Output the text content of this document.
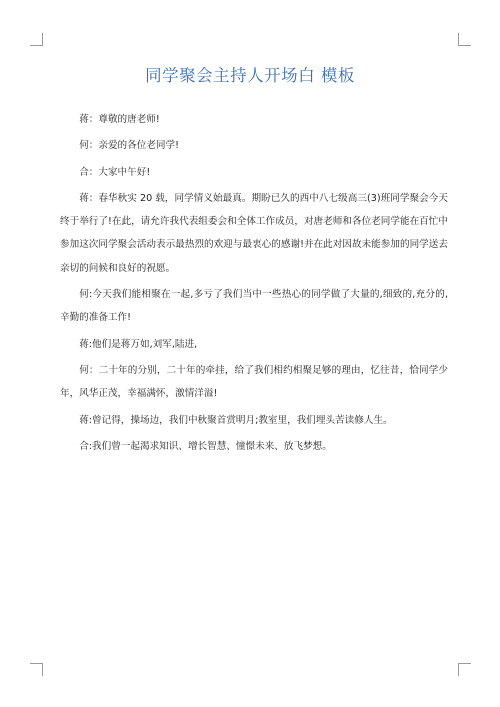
同学聚会主持人开场白 模板

蒋：尊敬的唐老师!

何：亲爱的各位老同学!

合：大家中午好!

蒋：春华秋实 20 载，同学情义始最真。期盼已久的西中八七级高三(3)班同学聚会今天终于举行了!在此，请允许我代表组委会和全体工作成员，对唐老师和各位老同学能在百忙中参加这次同学聚会活动表示最热烈的欢迎与最衷心的感谢!并在此对因故未能参加的同学送去亲切的问候和良好的祝愿。

何:今天我们能相聚在一起,多亏了我们当中一些热心的同学做了大量的,细致的,充分的,辛勤的准备工作!

蒋:他们是蒋万如,刘军,陆进,

何：二十年的分别，二十年的牵挂，给了我们相约相聚足够的理由，忆往昔，恰同学少年，风华正茂，幸福满怀，激情洋溢!

蒋:曾记得，操场边，我们中秋聚首赏明月;教室里，我们埋头苦读修人生。

合:我们曾一起渴求知识、增长智慧、憧憬未来、放飞梦想。
